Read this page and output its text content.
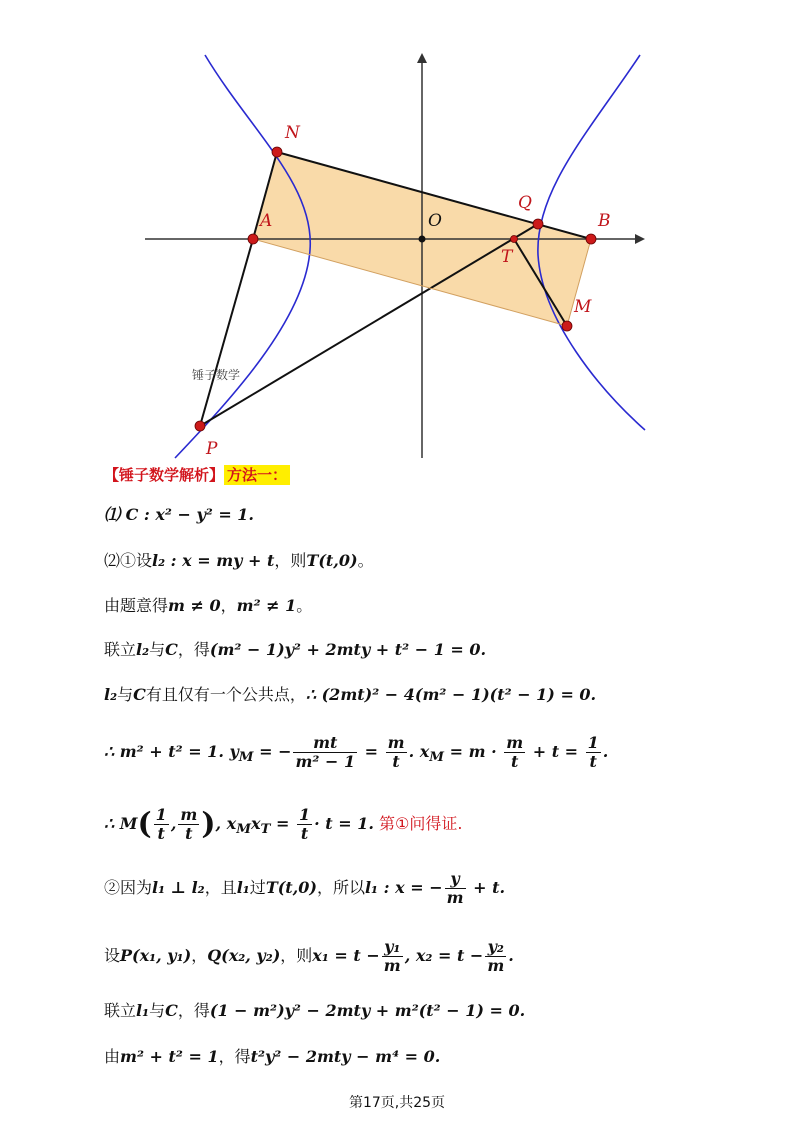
N
A	O
Q
B
T
M
P
锤子数学
【锤子数学解析】 方法一：
⑴ C : x² − y² = 1.
⑵①设l₂ : x = my + t，则T(t,0)。
由题意得m ≠ 0，m² ≠ 1。
联立l₂与C，得(m² − 1)y² + 2mty + t² − 1 = 0.
l₂与C有且仅有一个公共点，∴ (2mt)² − 4(m² − 1)(t² − 1) = 0.
∴ m² + t² = 1. $y_M$ = − $\frac{mt}{\text{m² − 1}} = \frac{m}{t}$ . $x_M = m \cdot \frac{m}{t} + t = \frac{1}{t}$ .
∴ $M( \frac{1}{t}$ , $\frac{m}{t}$ ), $x_Mx_T = \frac{1}{t} \cdot t = 1$. 第①问得证.
②因为l₁ ⊥ l₂，且l₁过T(t,0)，所以l₁ : x = − $\frac{y}{m} + t$.
设P(x₁, y₁)，Q(x₂, y₂)，则$x_1 = t - \frac{\text{y₁}}{m}$ , $x_2 = t - \frac{\text{y₂}}{m}$ .
联立l₁与C，得(1 − m²)y² − 2mty + m²(t² − 1) = 0.
由m² + t² = 1，得t²y² − 2mty − m⁴ = 0.
第17页,共25页
